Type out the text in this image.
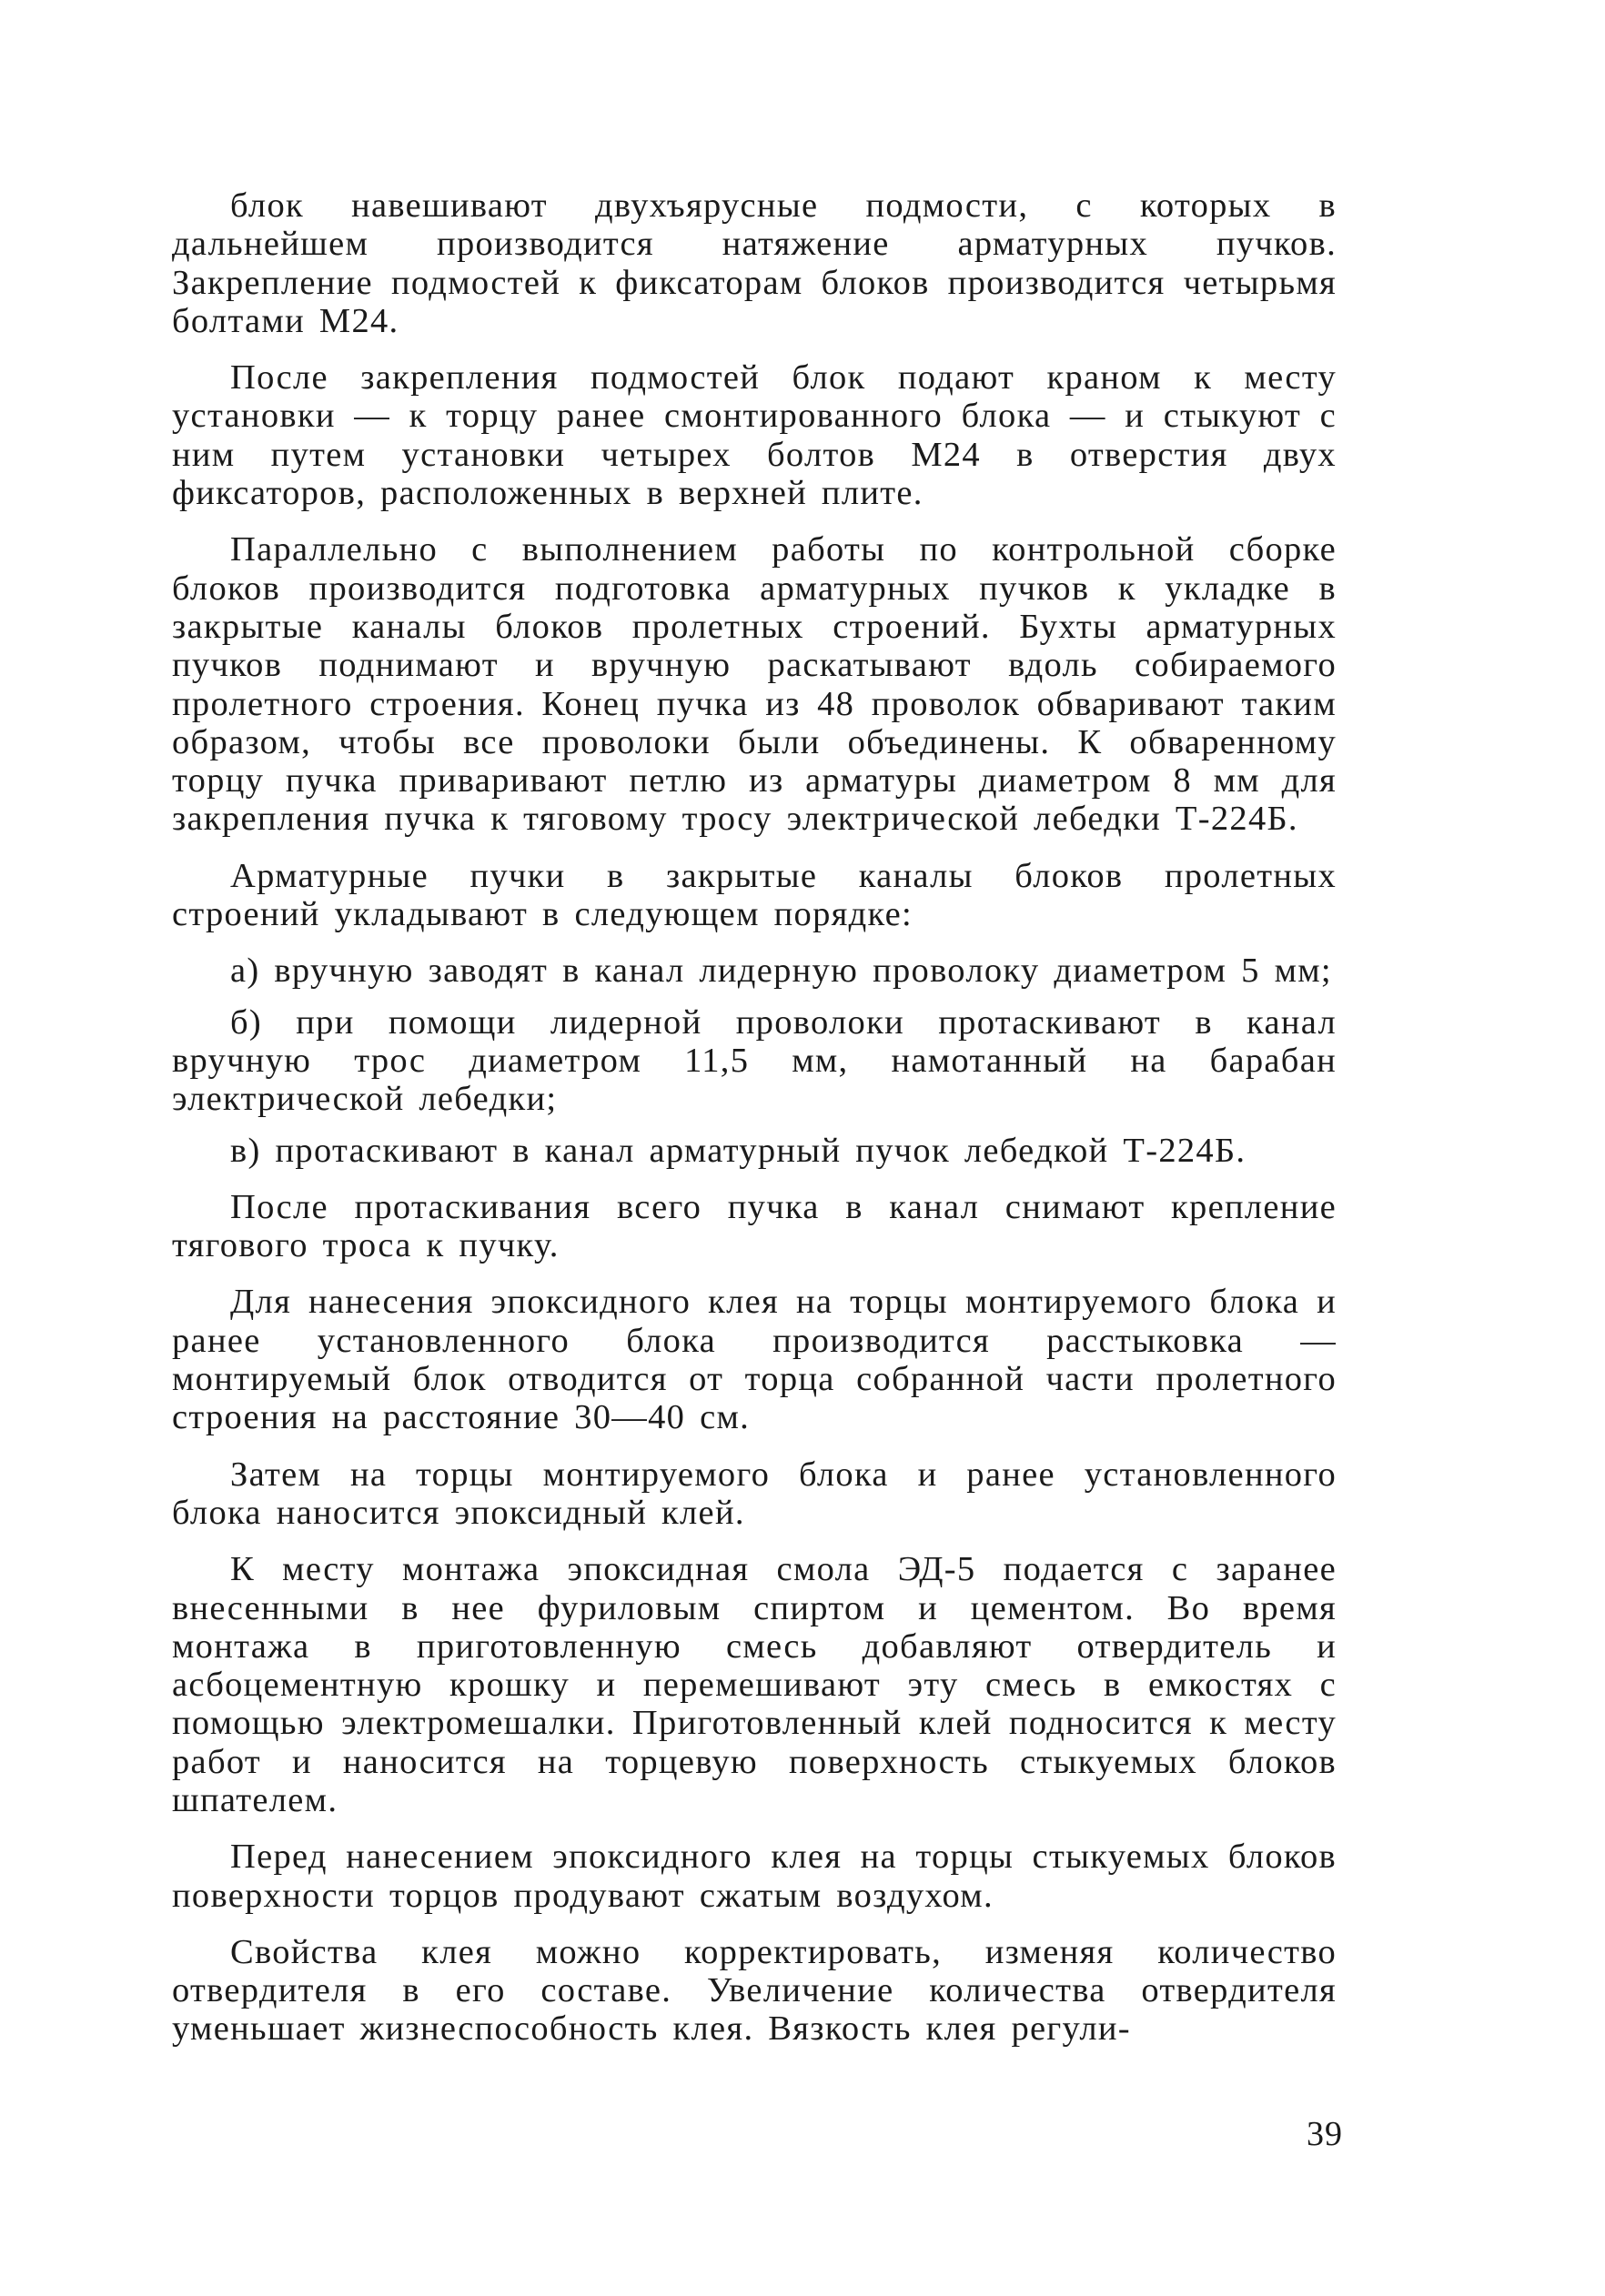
блок навешивают двухъярусные подмости, с которых в дальнейшем производится натяжение арматурных пучков. Закрепление подмостей к фиксаторам блоков производится четырьмя болтами М24.

После закрепления подмостей блок подают краном к месту установки — к торцу ранее смонтированного блока — и стыкуют с ним путем установки четырех болтов М24 в отверстия двух фиксаторов, расположенных в верхней плите.

Параллельно с выполнением работы по контрольной сборке блоков производится подготовка арматурных пучков к укладке в закрытые каналы блоков пролетных строений. Бухты арматурных пучков поднимают и вручную раскатывают вдоль собираемого пролетного строения. Конец пучка из 48 проволок обваривают таким образом, чтобы все проволоки были объединены. К обваренному торцу пучка приваривают петлю из арматуры диаметром 8 мм для закрепления пучка к тяговому тросу электрической лебедки Т-224Б.

Арматурные пучки в закрытые каналы блоков пролетных строений укладывают в следующем порядке:

а) вручную заводят в канал лидерную проволоку диаметром 5 мм;

б) при помощи лидерной проволоки протаскивают в канал вручную трос диаметром 11,5 мм, намотанный на барабан электрической лебедки;

в) протаскивают в канал арматурный пучок лебедкой Т-224Б.

После протаскивания всего пучка в канал снимают крепление тягового троса к пучку.

Для нанесения эпоксидного клея на торцы монтируемого блока и ранее установленного блока производится расстыковка — монтируемый блок отводится от торца собранной части пролетного строения на расстояние 30—40 см.

Затем на торцы монтируемого блока и ранее установленного блока наносится эпоксидный клей.

К месту монтажа эпоксидная смола ЭД-5 подается с заранее внесенными в нее фуриловым спиртом и цементом. Во время монтажа в приготовленную смесь добавляют отвердитель и асбоцементную крошку и перемешивают эту смесь в емкостях с помощью электромешалки. Приготовленный клей подносится к месту работ и наносится на торцевую поверхность стыкуемых блоков шпателем.

Перед нанесением эпоксидного клея на торцы стыкуемых блоков поверхности торцов продувают сжатым воздухом.

Свойства клея можно корректировать, изменяя количество отвердителя в его составе. Увеличение количества отвердителя уменьшает жизнеспособность клея. Вязкость клея регули-

39
